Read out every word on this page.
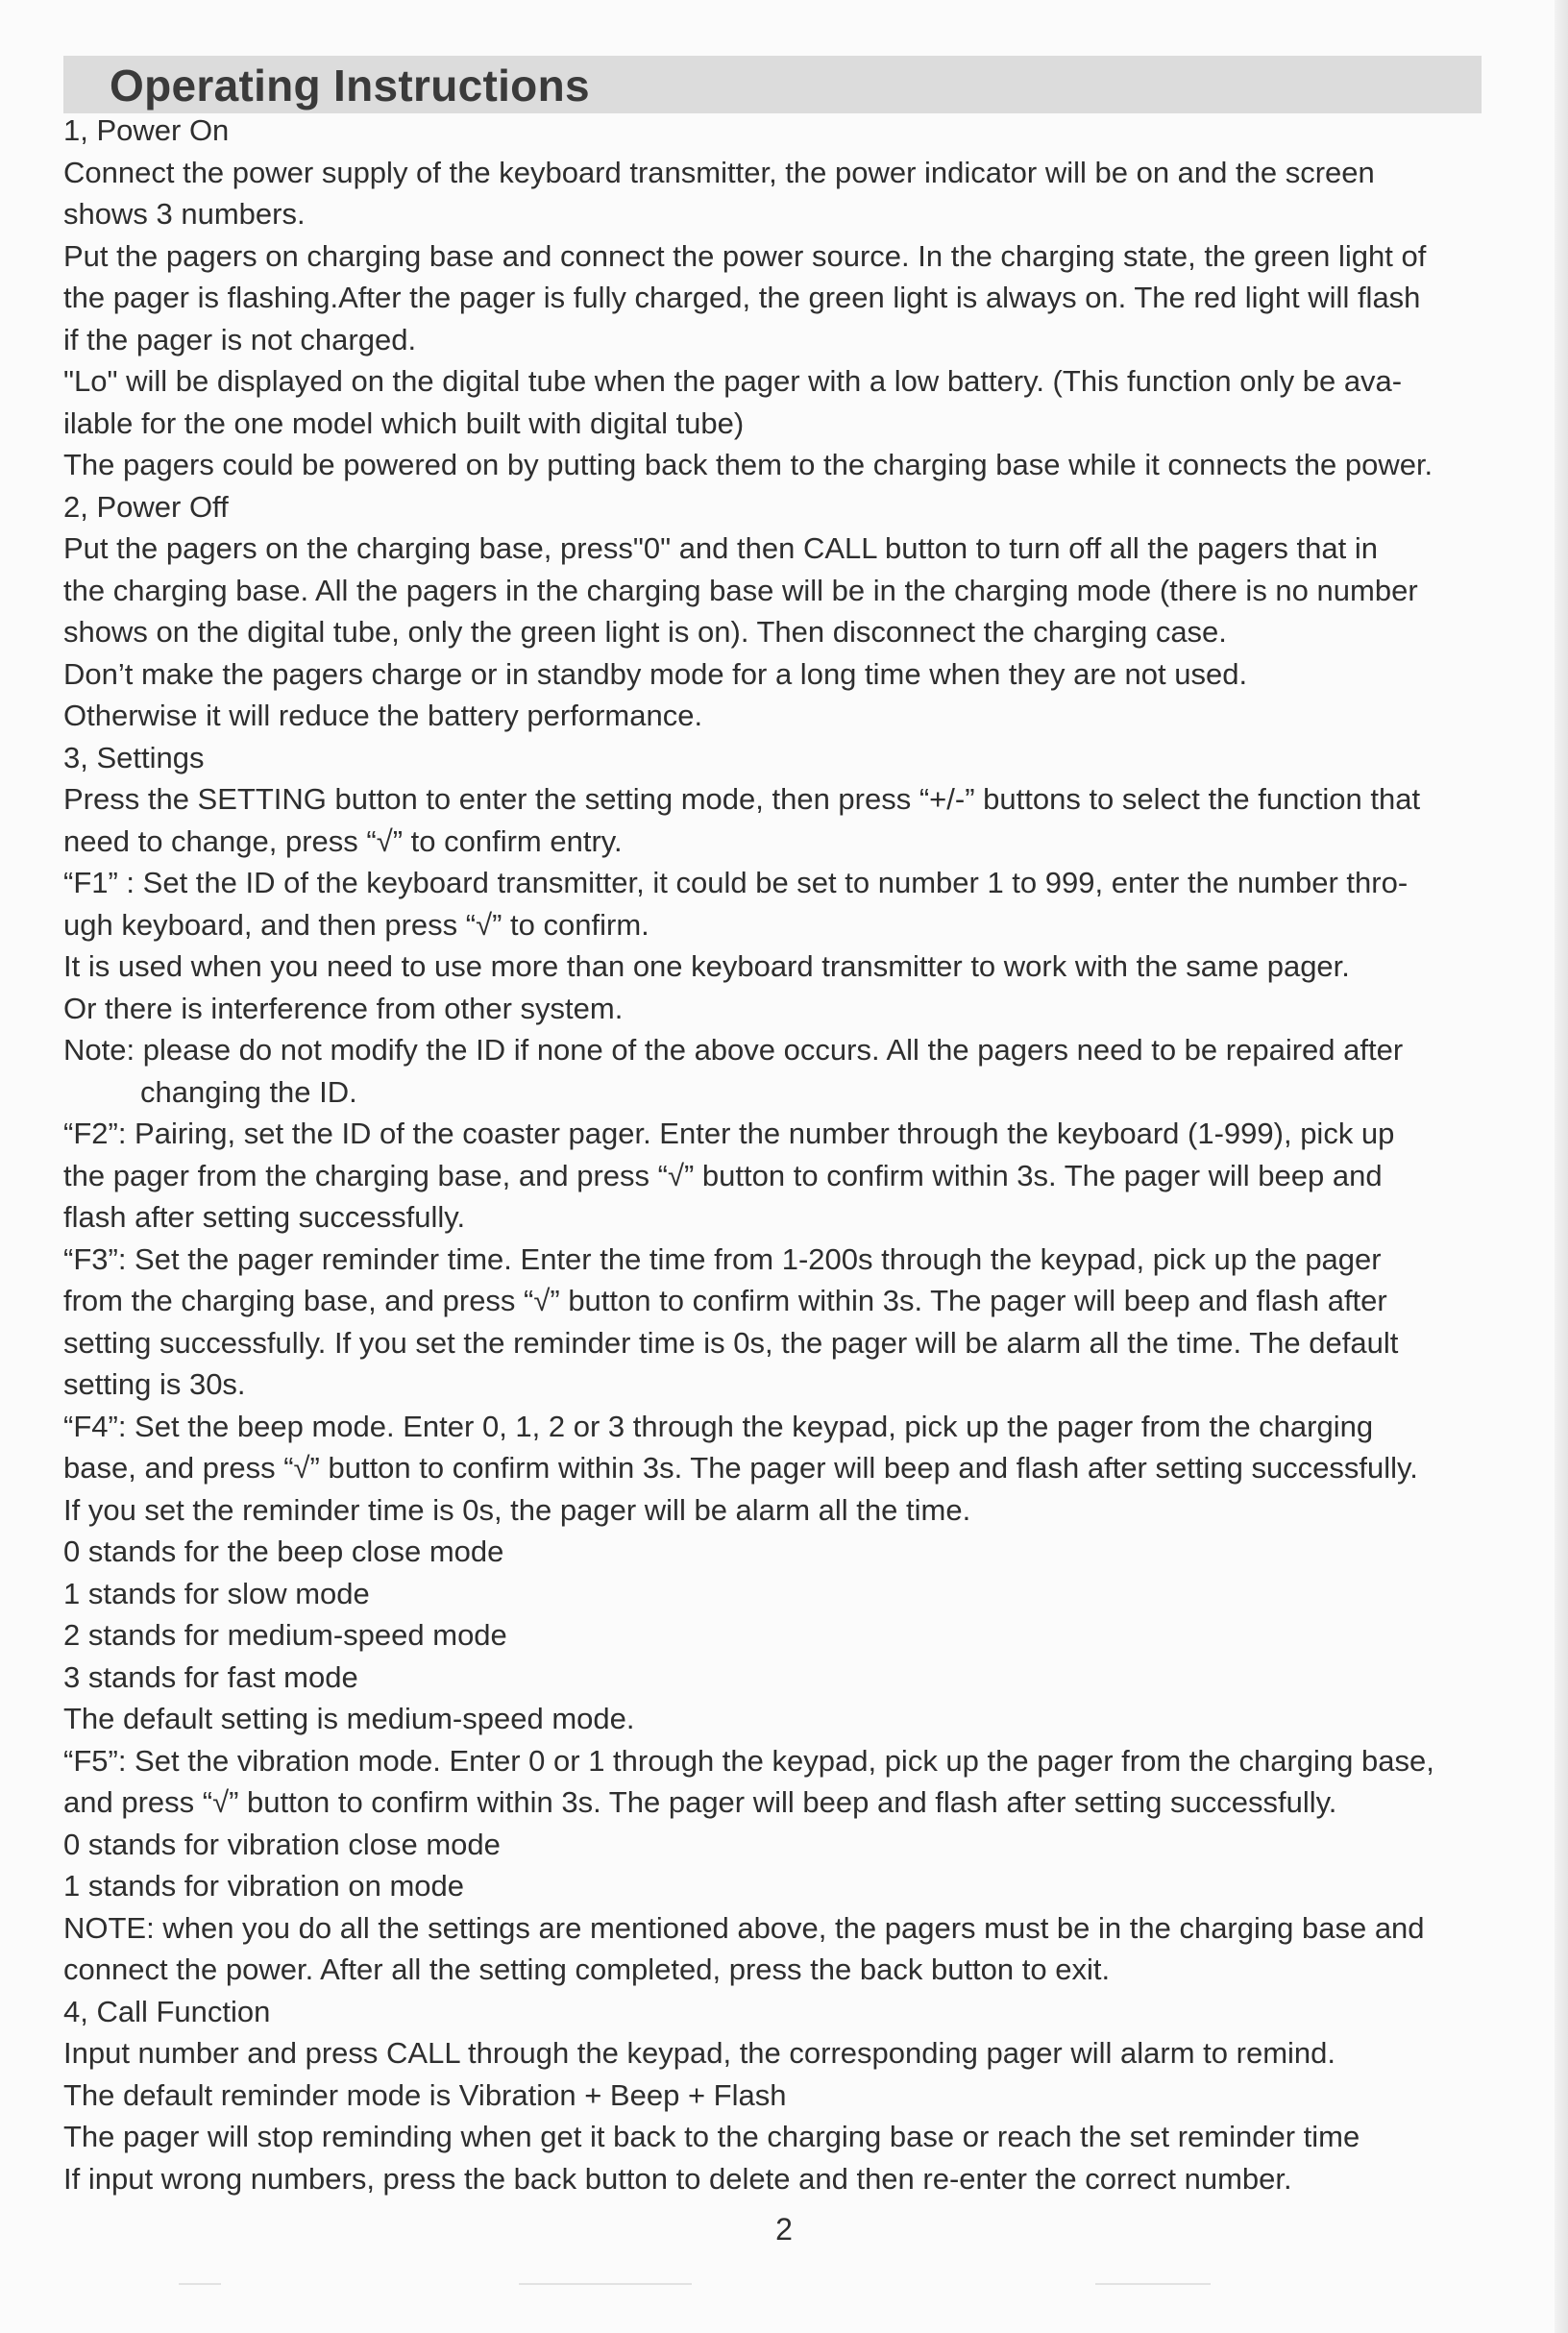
Operating Instructions
1, Power On
Connect the power supply of the keyboard transmitter, the power indicator will be on and the screen
shows 3 numbers.
Put the pagers on charging base and connect the power source. In the charging state, the green light of
the pager is flashing.After the pager is fully charged, the green light is always on. The red light will flash
if the pager is not charged.
"Lo" will be displayed on the digital tube when the pager with a low battery. (This function only be ava-
ilable for the one model which built with digital tube)
The pagers could be powered on by putting back them to the charging base while it connects the power.
2, Power Off
Put the pagers on the charging base, press"0" and then CALL button to turn off all the pagers that in
the charging base. All the pagers in the charging base will be in the charging mode (there is no number
shows on the digital tube, only the green light is on). Then disconnect the charging case.
Don’t make the pagers charge or in standby mode for a long time when they are not used.
Otherwise it will reduce the battery performance.
3, Settings
Press the SETTING button to enter the setting mode, then press “+/-” buttons to select the function that
need to change, press “√” to confirm entry.
“F1” : Set the ID of the keyboard transmitter, it could be set to number 1 to 999, enter the number thro-
ugh keyboard, and then press “√” to confirm.
It is used when you need to use more than one keyboard transmitter to work with the same pager.
Or there is interference from other system.
Note: please do not modify the ID if none of the above occurs. All the pagers need to be repaired after
changing the ID.
“F2”: Pairing, set the ID of the coaster pager. Enter the number through the keyboard (1-999), pick up
the pager from the charging base, and press “√” button to confirm within 3s. The pager will beep and
flash after setting successfully.
“F3”: Set the pager reminder time. Enter the time from 1-200s through the keypad, pick up the pager
from the charging base, and press “√” button to confirm within 3s. The pager will beep and flash after
setting successfully. If you set the reminder time is 0s, the pager will be alarm all the time. The default
setting is 30s.
“F4”: Set the beep mode. Enter 0, 1, 2 or 3 through the keypad, pick up the pager from the charging
base, and press “√” button to confirm within 3s. The pager will beep and flash after setting successfully.
If you set the reminder time is 0s, the pager will be alarm all the time.
0 stands for the beep close mode
1 stands for slow mode
2 stands for medium-speed mode
3 stands for fast mode
The default setting is medium-speed mode.
“F5”: Set the vibration mode. Enter 0 or 1 through the keypad, pick up the pager from the charging base,
and press “√” button to confirm within 3s. The pager will beep and flash after setting successfully.
0 stands for vibration close mode
1 stands for vibration on mode
NOTE: when you do all the settings are mentioned above, the pagers must be in the charging base and
connect the power. After all the setting completed, press the back button to exit.
4, Call Function
Input number and press CALL through the keypad, the corresponding pager will alarm to remind.
The default reminder mode is Vibration + Beep + Flash
The pager will stop reminding when get it back to the charging base or reach the set reminder time
If input wrong numbers, press the back button to delete and then re-enter the correct number.
2
